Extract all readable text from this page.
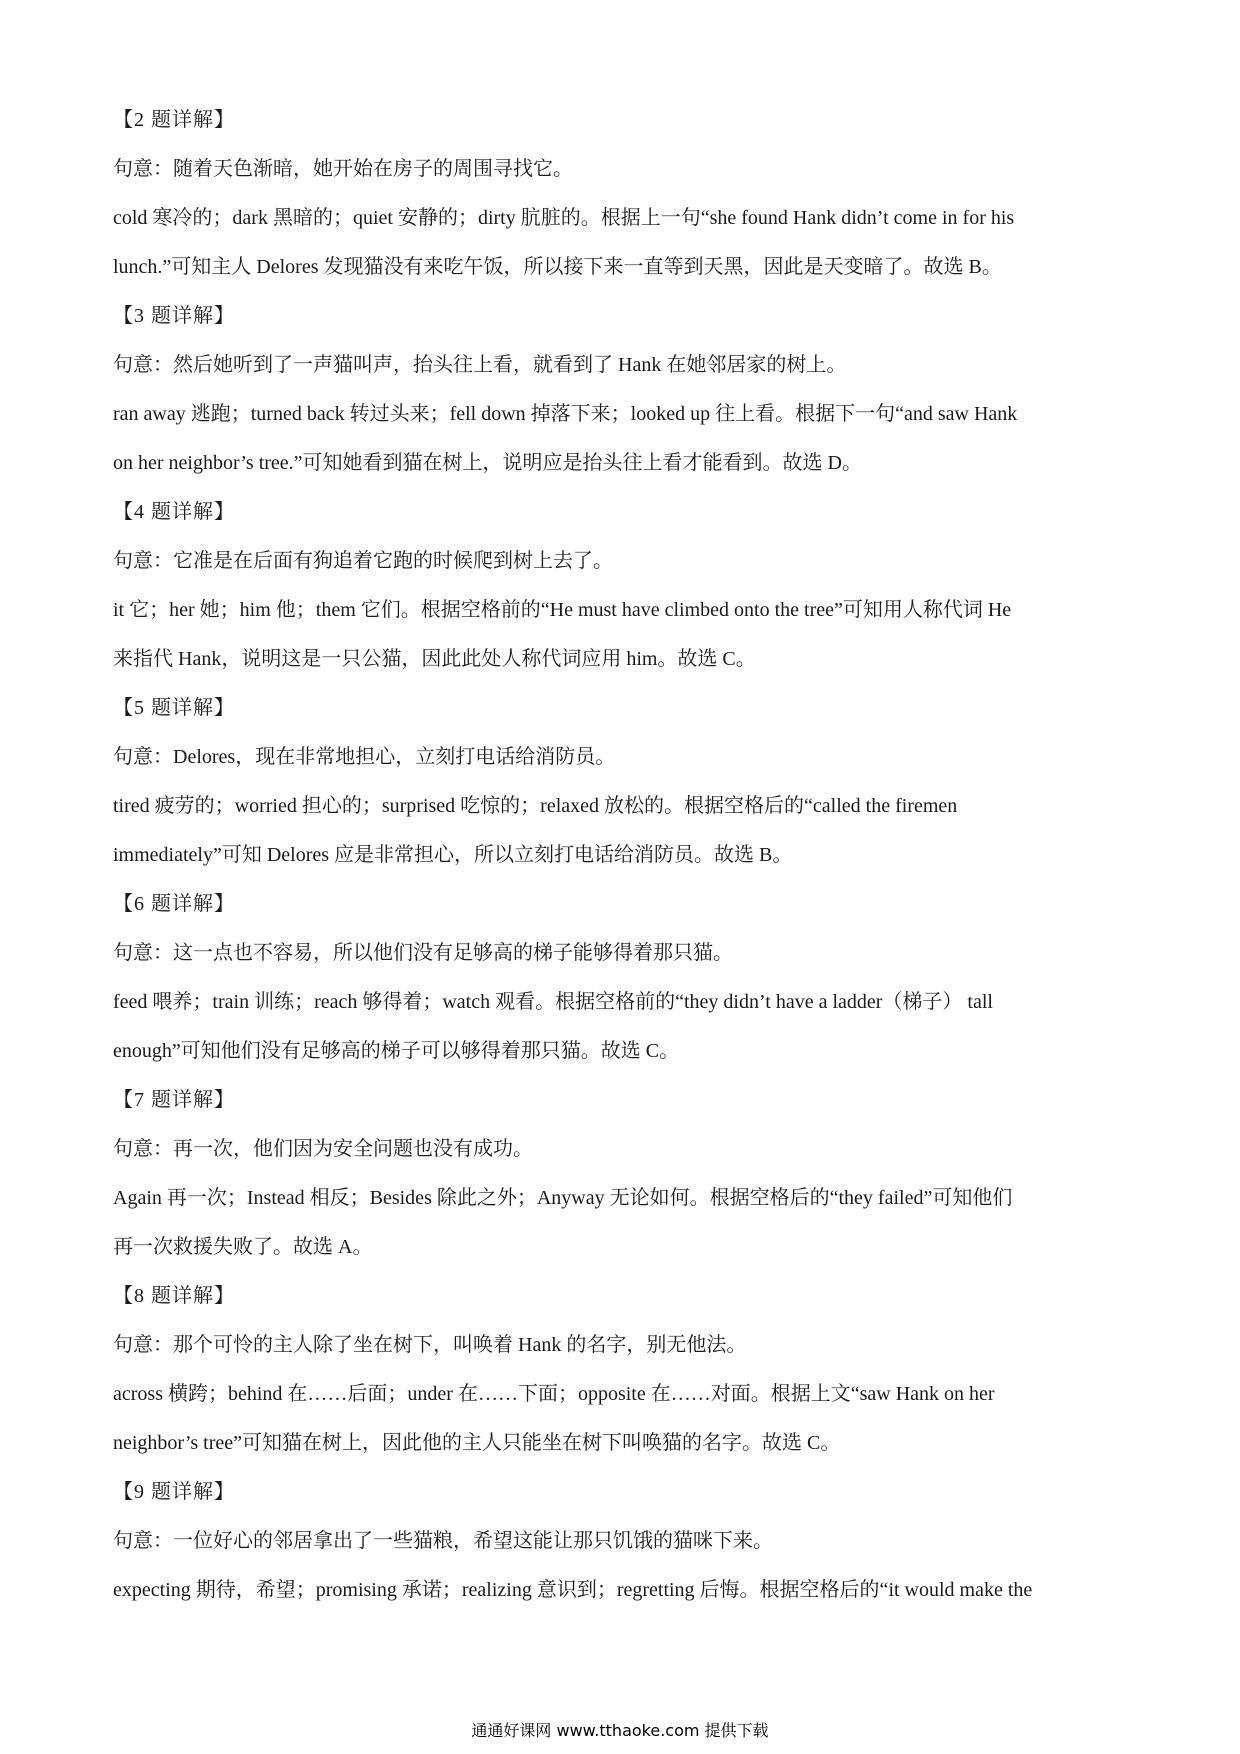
【2 题详解】
句意：随着天色渐暗，她开始在房子的周围寻找它。
cold 寒冷的；dark 黑暗的；quiet 安静的；dirty 肮脏的。根据上一句“she found Hank didn’t come in for his
lunch.”可知主人 Delores 发现猫没有来吃午饭，所以接下来一直等到天黑，因此是天变暗了。故选 B。
【3 题详解】
句意：然后她听到了一声猫叫声，抬头往上看，就看到了 Hank 在她邻居家的树上。
ran away 逃跑；turned back 转过头来；fell down 掉落下来；looked up 往上看。根据下一句“and saw Hank
on her neighbor’s tree.”可知她看到猫在树上，说明应是抬头往上看才能看到。故选 D。
【4 题详解】
句意：它准是在后面有狗追着它跑的时候爬到树上去了。
it 它；her 她；him 他；them 它们。根据空格前的“He must have climbed onto the tree”可知用人称代词 He
来指代 Hank，说明这是一只公猫，因此此处人称代词应用 him。故选 C。
【5 题详解】
句意：Delores，现在非常地担心，立刻打电话给消防员。
tired 疲劳的；worried 担心的；surprised 吃惊的；relaxed 放松的。根据空格后的“called the firemen
immediately”可知 Delores 应是非常担心，所以立刻打电话给消防员。故选 B。
【6 题详解】
句意：这一点也不容易，所以他们没有足够高的梯子能够得着那只猫。
feed 喂养；train 训练；reach 够得着；watch 观看。根据空格前的“they didn’t have a ladder（梯子） tall
enough”可知他们没有足够高的梯子可以够得着那只猫。故选 C。
【7 题详解】
句意：再一次，他们因为安全问题也没有成功。
Again 再一次；Instead 相反；Besides 除此之外；Anyway 无论如何。根据空格后的“they failed”可知他们
再一次救援失败了。故选 A。
【8 题详解】
句意：那个可怜的主人除了坐在树下，叫唤着 Hank 的名字，别无他法。
across 横跨；behind 在……后面；under 在……下面；opposite 在……对面。根据上文“saw Hank on her
neighbor’s tree”可知猫在树上，因此他的主人只能坐在树下叫唤猫的名字。故选 C。
【9 题详解】
句意：一位好心的邻居拿出了一些猫粮，希望这能让那只饥饿的猫咪下来。
expecting 期待，希望；promising 承诺；realizing 意识到；regretting 后悔。根据空格后的“it would make the
通通好课网 www.tthaoke.com 提供下载
